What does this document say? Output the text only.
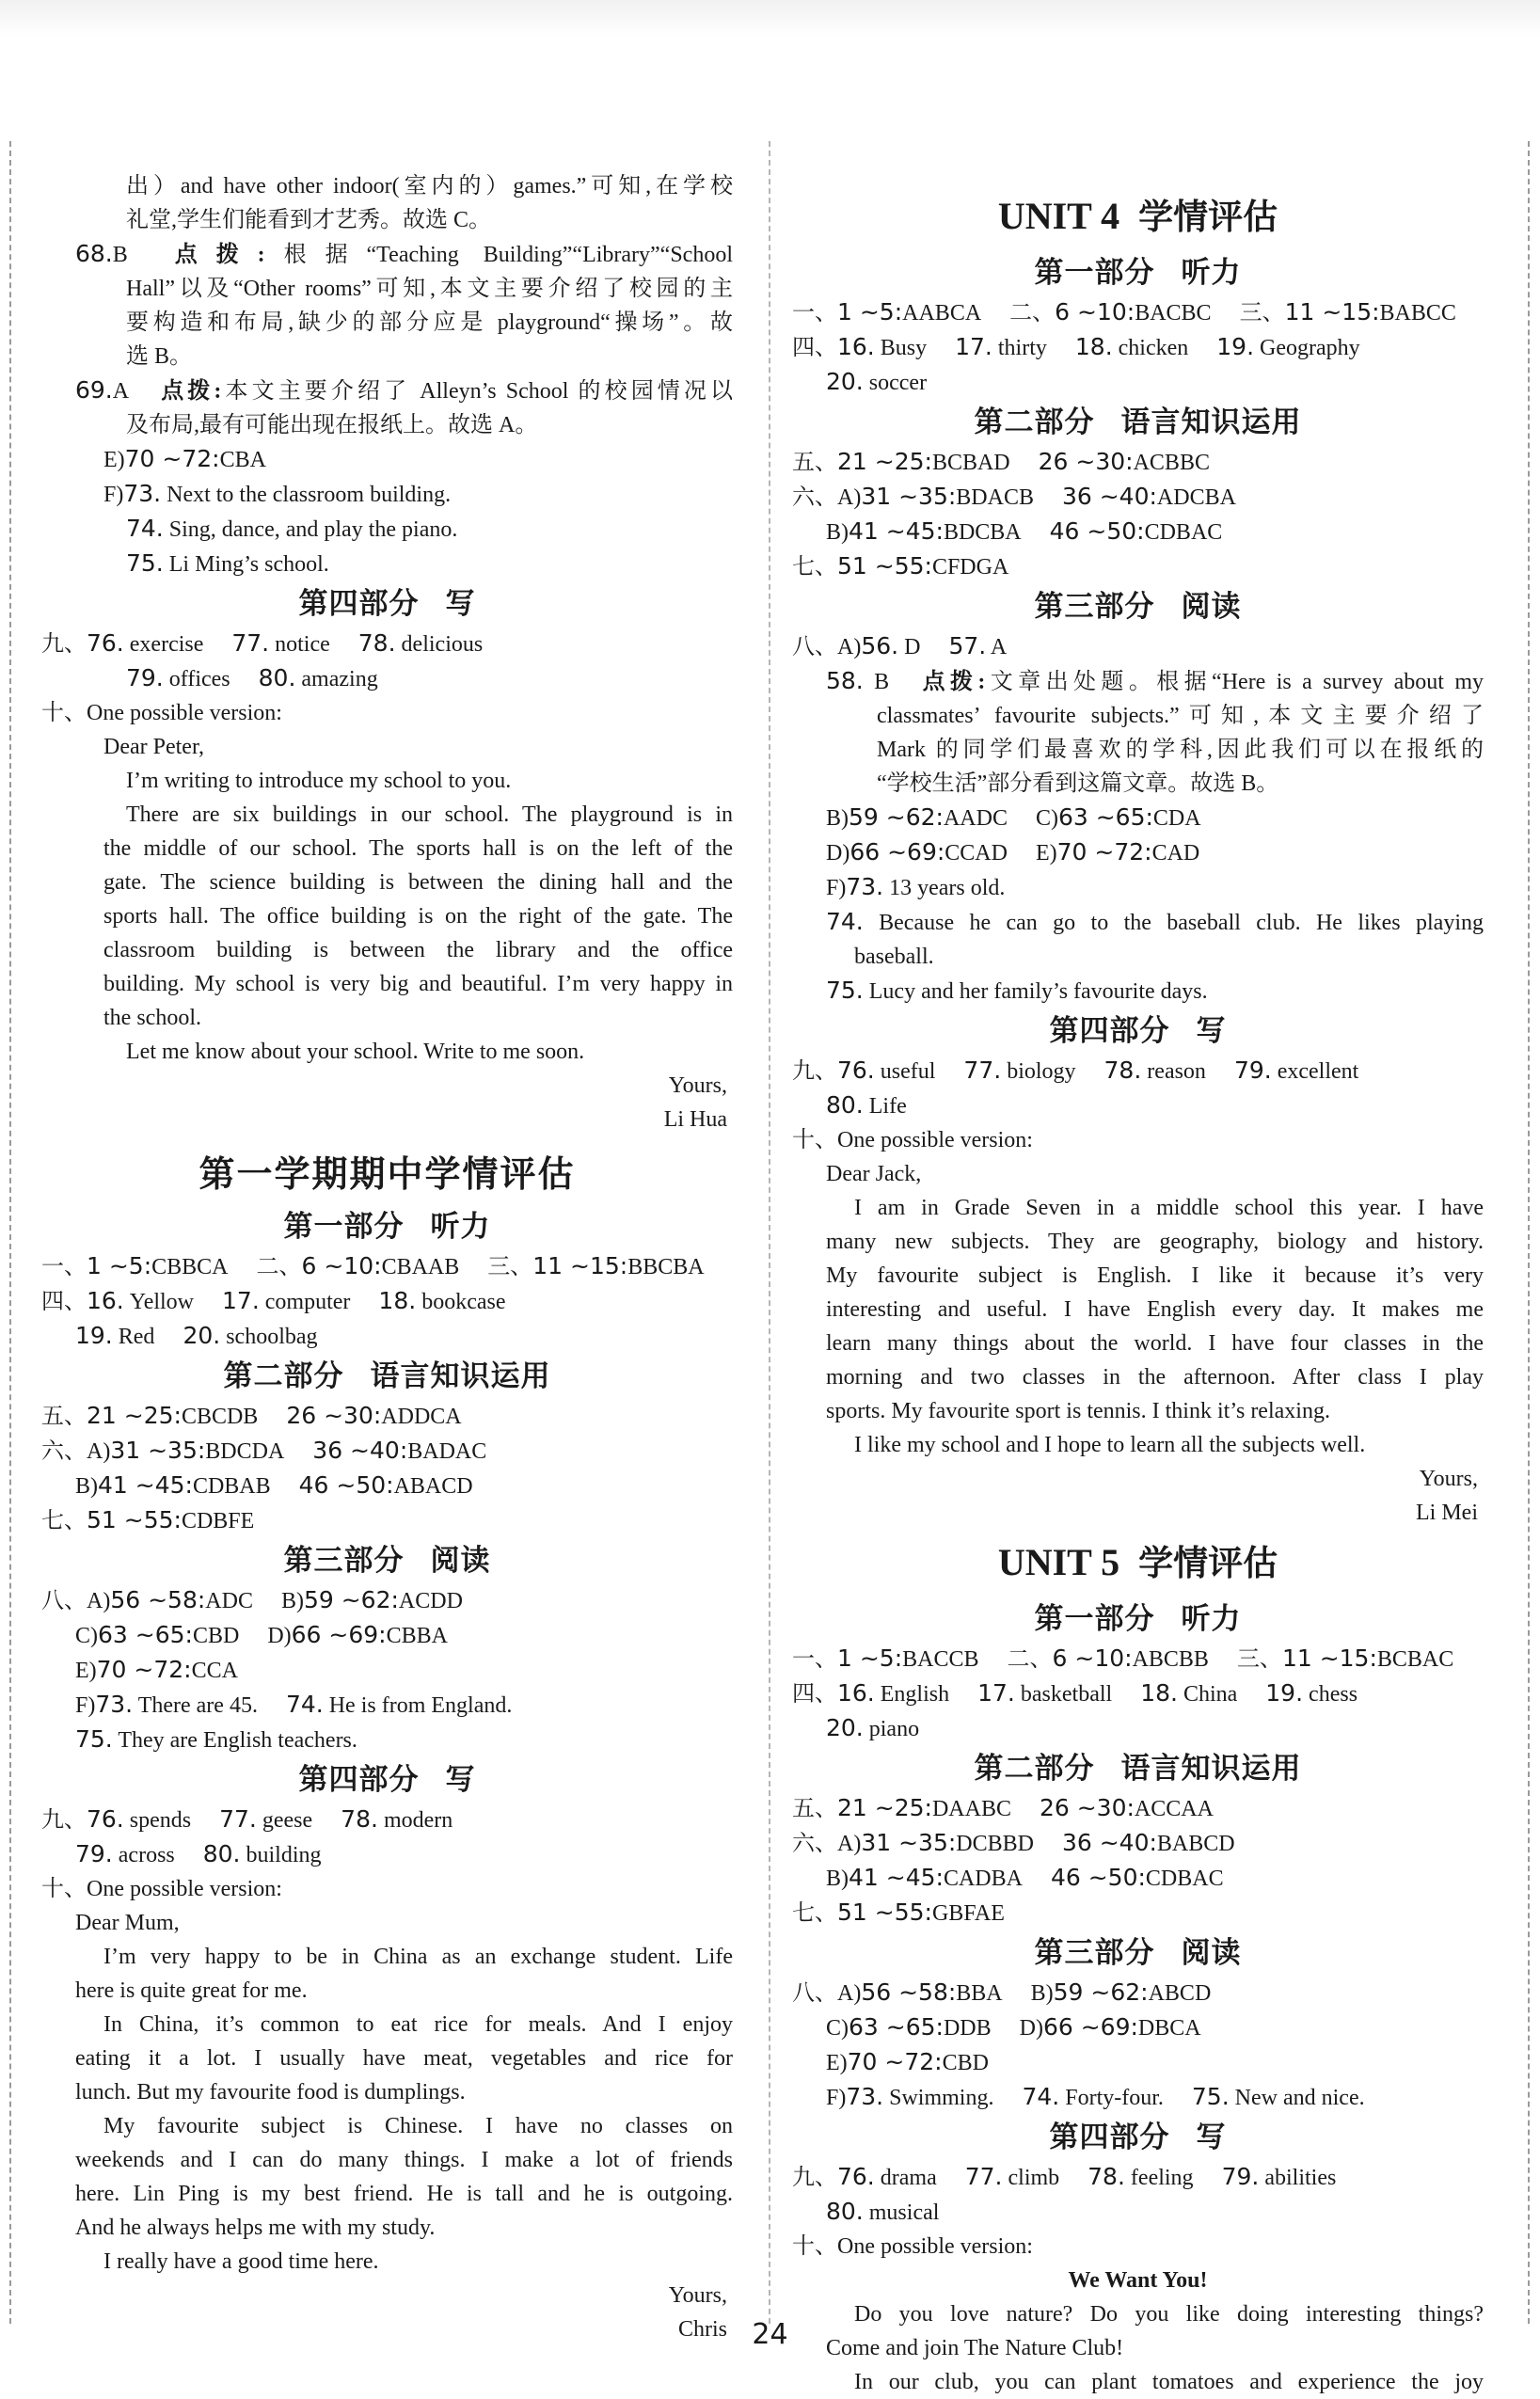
出）and have other indoor(室内的）games.”可知,在学校

礼堂,学生们能看到才艺秀。故选 C。

68.B 点拨:根据“Teaching Building”“Library”“School

Hall”以及“Other rooms”可知,本文主要介绍了校园的主

要构造和布局,缺少的部分应是 playground“操场”。故

选 B。

69.A 点拨:本文主要介绍了 Alleyn’s School 的校园情况以

及布局,最有可能出现在报纸上。故选 A。

E)70 ~72:CBA

F)73. Next to the classroom building.

74. Sing, dance, and play the piano.

75. Li Ming’s school.

第四部分 写

九、76. exercise 77. notice 78. delicious

79. offices 80. amazing

十、One possible version:

Dear Peter,

I’m writing to introduce my school to you.

There are six buildings in our school. The playground is in

the middle of our school. The sports hall is on the left of the

gate. The science building is between the dining hall and the

sports hall. The office building is on the right of the gate. The

classroom building is between the library and the office

building. My school is very big and beautiful. I’m very happy in

the school.

Let me know about your school. Write to me soon.

Yours,

Li Hua

第一学期期中学情评估
第一部分 听力

一、1 ~5:CBBCA 二、6 ~10:CBAAB 三、11 ~15:BBCBA

四、16. Yellow 17. computer 18. bookcase

19. Red 20. schoolbag

第二部分 语言知识运用

五、21 ~25:CBCDB 26 ~30:ADDCA

六、A)31 ~35:BDCDA 36 ~40:BADAC

B)41 ~45:CDBAB 46 ~50:ABACD

七、51 ~55:CDBFE

第三部分 阅读

八、A)56 ~58:ADC B)59 ~62:ACDD

C)63 ~65:CBD D)66 ~69:CBBA

E)70 ~72:CCA

F)73. There are 45. 74. He is from England.

75. They are English teachers.

第四部分 写

九、76. spends 77. geese 78. modern

79. across 80. building

十、One possible version:

Dear Mum,

I’m very happy to be in China as an exchange student. Life

here is quite great for me.

In China, it’s common to eat rice for meals. And I enjoy

eating it a lot. I usually have meat, vegetables and rice for

lunch. But my favourite food is dumplings.

My favourite subject is Chinese. I have no classes on

weekends and I can do many things. I make a lot of friends

here. Lin Ping is my best friend. He is tall and he is outgoing.

And he always helps me with my study.

I really have a good time here.

Yours,

Chris

UNIT 4 学情评估
第一部分 听力

一、1 ~5:AABCA 二、6 ~10:BACBC 三、11 ~15:BABCC

四、16. Busy 17. thirty 18. chicken 19. Geography

20. soccer

第二部分 语言知识运用

五、21 ~25:BCBAD 26 ~30:ACBBC

六、A)31 ~35:BDACB 36 ~40:ADCBA

B)41 ~45:BDCBA 46 ~50:CDBAC

七、51 ~55:CFDGA

第三部分 阅读

八、A)56. D 57. A

58. B 点拨:文章出处题。根据“Here is a survey about my

classmates’ favourite subjects.”可知,本文主要介绍了

Mark 的同学们最喜欢的学科,因此我们可以在报纸的

“学校生活”部分看到这篇文章。故选 B。

B)59 ~62:AADC C)63 ~65:CDA

D)66 ~69:CCAD E)70 ~72:CAD

F)73. 13 years old.

74. Because he can go to the baseball club. He likes playing

baseball.

75. Lucy and her family’s favourite days.

第四部分 写

九、76. useful 77. biology 78. reason 79. excellent

80. Life

十、One possible version:

Dear Jack,

I am in Grade Seven in a middle school this year. I have

many new subjects. They are geography, biology and history.

My favourite subject is English. I like it because it’s very

interesting and useful. I have English every day. It makes me

learn many things about the world. I have four classes in the

morning and two classes in the afternoon. After class I play

sports. My favourite sport is tennis. I think it’s relaxing.

I like my school and I hope to learn all the subjects well.

Yours,

Li Mei

UNIT 5 学情评估
第一部分 听力

一、1 ~5:BACCB 二、6 ~10:ABCBB 三、11 ~15:BCBAC

四、16. English 17. basketball 18. China 19. chess

20. piano

第二部分 语言知识运用

五、21 ~25:DAABC 26 ~30:ACCAA

六、A)31 ~35:DCBBD 36 ~40:BABCD

B)41 ~45:CADBA 46 ~50:CDBAC

七、51 ~55:GBFAE

第三部分 阅读

八、A)56 ~58:BBA B)59 ~62:ABCD

C)63 ~65:DDB D)66 ~69:DBCA

E)70 ~72:CBD

F)73. Swimming. 74. Forty-four. 75. New and nice.

第四部分 写

九、76. drama 77. climb 78. feeling 79. abilities

80. musical

十、One possible version:

We Want You!

Do you love nature? Do you like doing interesting things?

Come and join The Nature Club!

In our club, you can plant tomatoes and experience the joy

24
